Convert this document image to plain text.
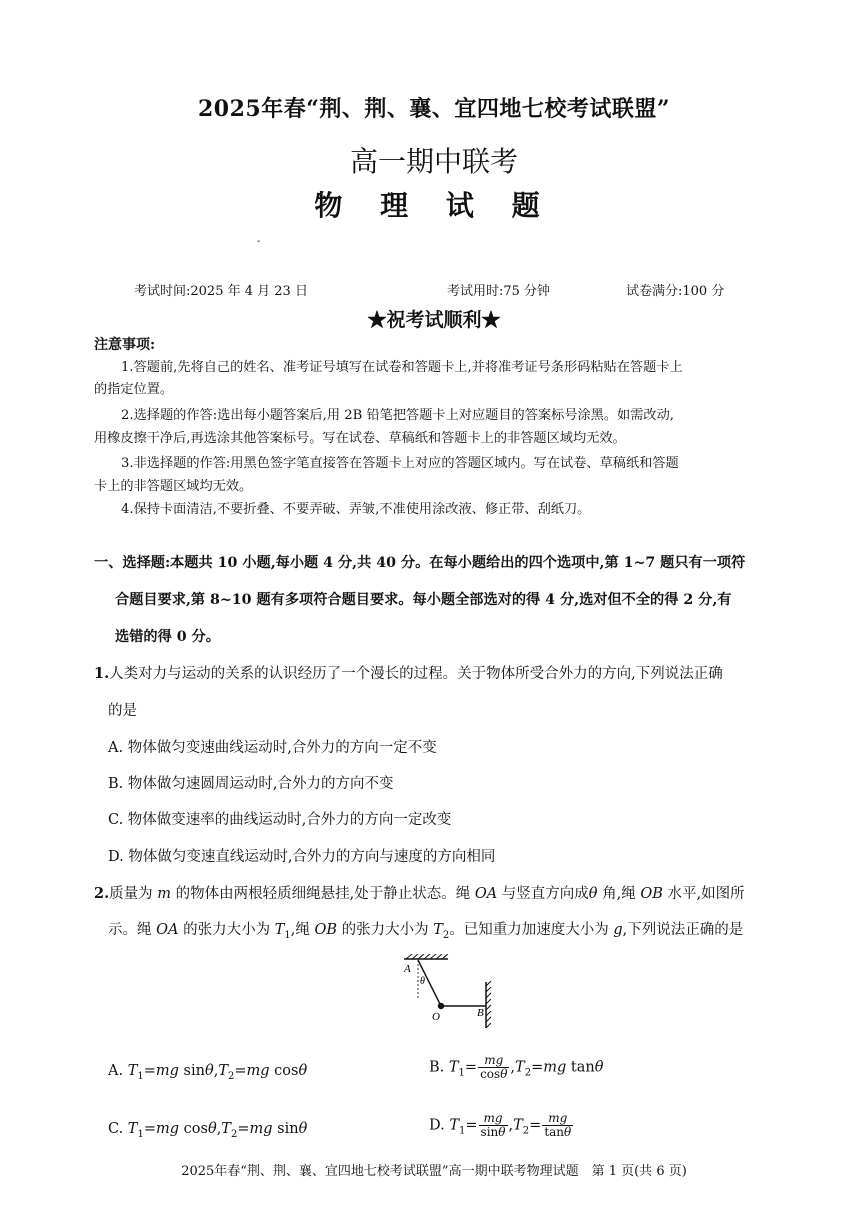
2025年春“荆、荆、襄、宜四地七校考试联盟”
高一期中联考
物 理 试 题
-
考试时间:2025 年 4 月 23 日	考试用时:75 分钟	试卷满分:100 分
★祝考试顺利★
注意事项:
1.答题前,先将自己的姓名、准考证号填写在试卷和答题卡上,并将准考证号条形码粘贴在答题卡上
的指定位置。
2.选择题的作答:选出每小题答案后,用 2B 铅笔把答题卡上对应题目的答案标号涂黑。如需改动,
用橡皮擦干净后,再选涂其他答案标号。写在试卷、草稿纸和答题卡上的非答题区域均无效。
3.非选择题的作答:用黑色签字笔直接答在答题卡上对应的答题区域内。写在试卷、草稿纸和答题
卡上的非答题区域均无效。
4.保持卡面清洁,不要折叠、不要弄破、弄皱,不准使用涂改液、修正带、刮纸刀。
一、选择题:本题共 10 小题,每小题 4 分,共 40 分。在每小题给出的四个选项中,第 1~7 题只有一项符
合题目要求,第 8~10 题有多项符合题目要求。每小题全部选对的得 4 分,选对但不全的得 2 分,有
选错的得 0 分。
1.人类对力与运动的关系的认识经历了一个漫长的过程。关于物体所受合外力的方向,下列说法正确
的是
A. 物体做匀变速曲线运动时,合外力的方向一定不变
B. 物体做匀速圆周运动时,合外力的方向不变
C. 物体做变速率的曲线运动时,合外力的方向一定改变
D. 物体做匀变速直线运动时,合外力的方向与速度的方向相同
2.质量为 m 的物体由两根轻质细绳悬挂,处于静止状态。绳 OA 与竖直方向成θ 角,绳 OB 水平,如图所
示。绳 OA 的张力大小为 $T_1$,绳 OB 的张力大小为 $T_2$。已知重力加速度大小为 g,下列说法正确的是
A
θ
O	B
A. $T_1=mg$ $\sin\theta,T_2=mg$ cosθ	B. $T_1= \frac{mg}{\cos\theta} ,T_2=mg$ tanθ
C. $T_1=mg$ $\cos\theta,T_2=mg$ sinθ	D. $T_1= \frac{mg}{\sin\theta} ,T_2= \frac{mg}{\tan\theta}$
2025年春“荆、荆、襄、宜四地七校考试联盟”高一期中联考物理试题　第 1 页(共 6 页)
